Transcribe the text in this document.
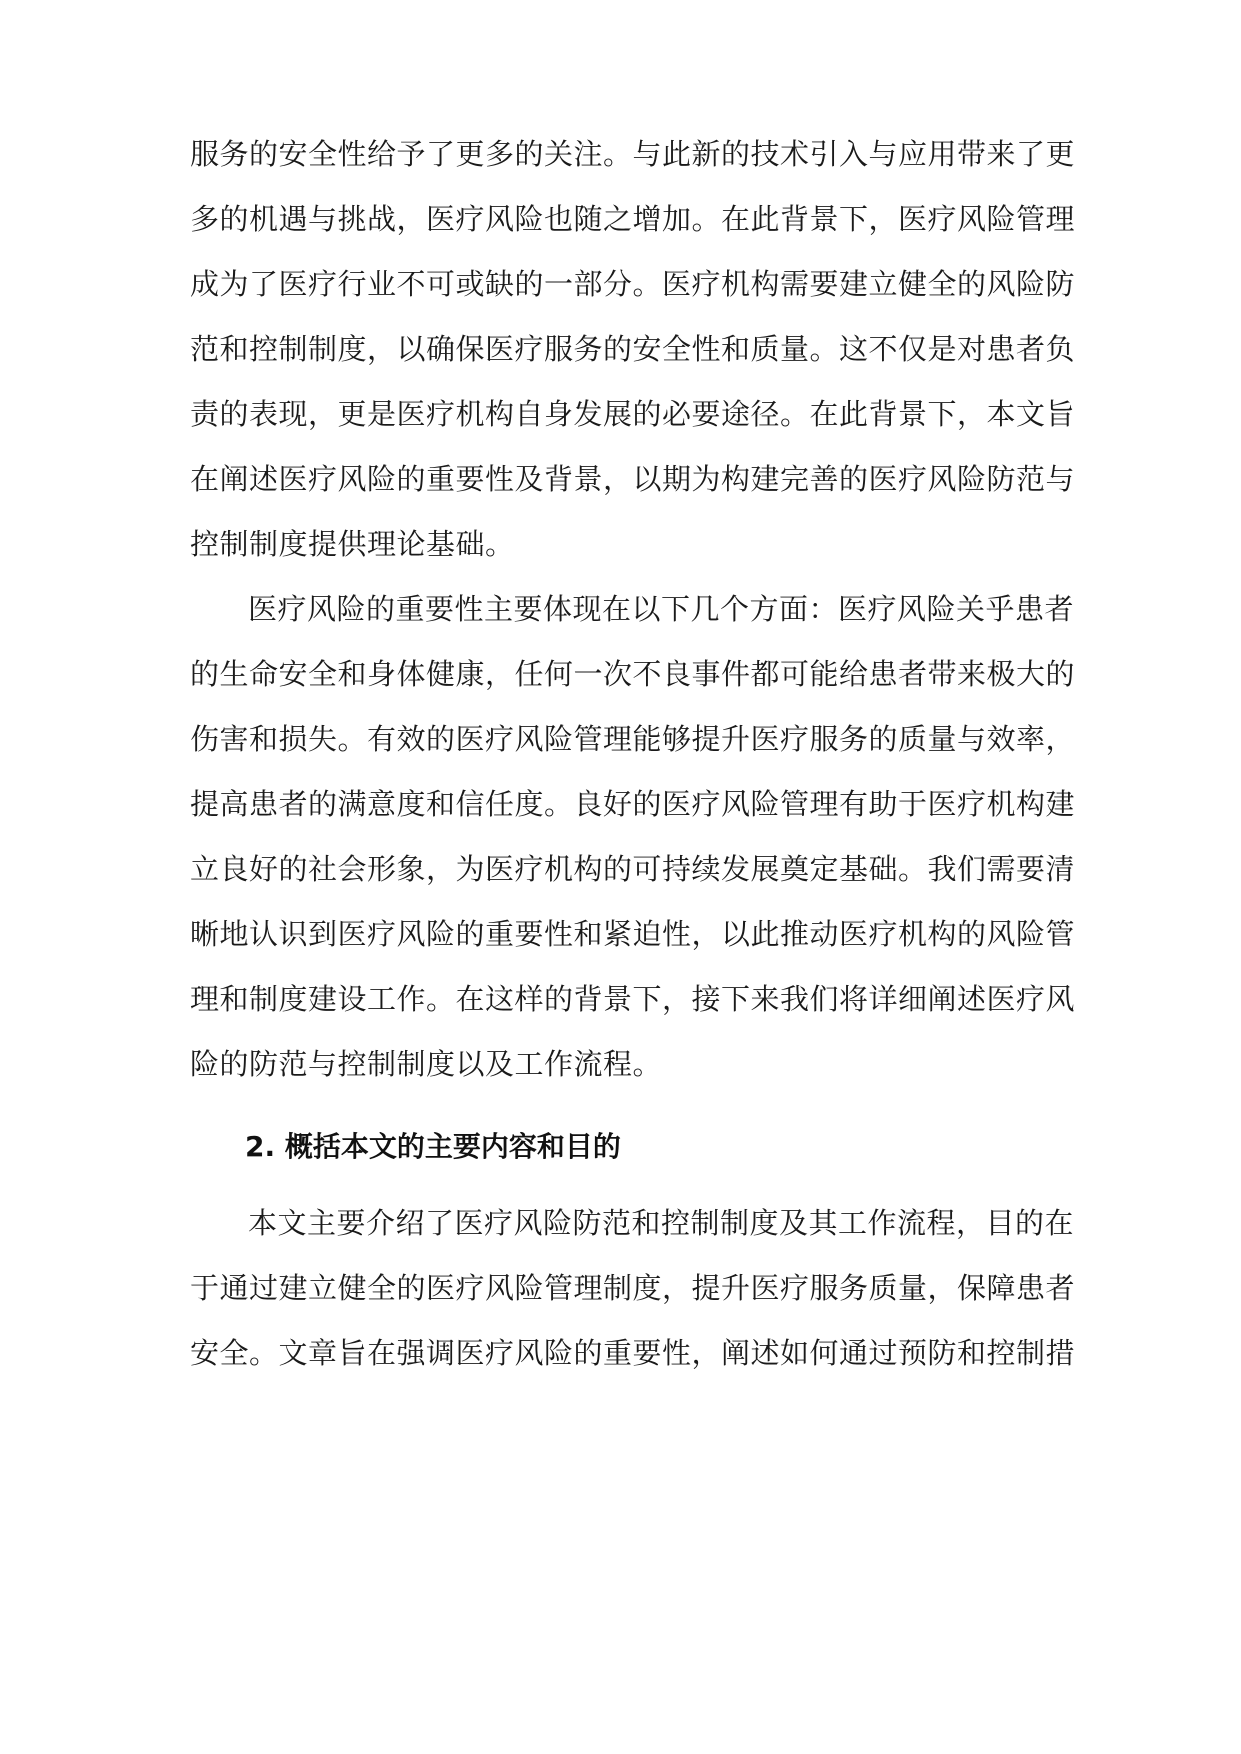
服务的安全性给予了更多的关注。与此新的技术引入与应用带来了更
多的机遇与挑战，医疗风险也随之增加。在此背景下，医疗风险管理
成为了医疗行业不可或缺的一部分。医疗机构需要建立健全的风险防
范和控制制度，以确保医疗服务的安全性和质量。这不仅是对患者负
责的表现，更是医疗机构自身发展的必要途径。在此背景下，本文旨
在阐述医疗风险的重要性及背景，以期为构建完善的医疗风险防范与
控制制度提供理论基础。
医疗风险的重要性主要体现在以下几个方面：医疗风险关乎患者
的生命安全和身体健康，任何一次不良事件都可能给患者带来极大的
伤害和损失。有效的医疗风险管理能够提升医疗服务的质量与效率，
提高患者的满意度和信任度。良好的医疗风险管理有助于医疗机构建
立良好的社会形象，为医疗机构的可持续发展奠定基础。我们需要清
晰地认识到医疗风险的重要性和紧迫性，以此推动医疗机构的风险管
理和制度建设工作。在这样的背景下，接下来我们将详细阐述医疗风
险的防范与控制制度以及工作流程。
2. 概括本文的主要内容和目的
本文主要介绍了医疗风险防范和控制制度及其工作流程，目的在
于通过建立健全的医疗风险管理制度，提升医疗服务质量，保障患者
安全。文章旨在强调医疗风险的重要性，阐述如何通过预防和控制措
